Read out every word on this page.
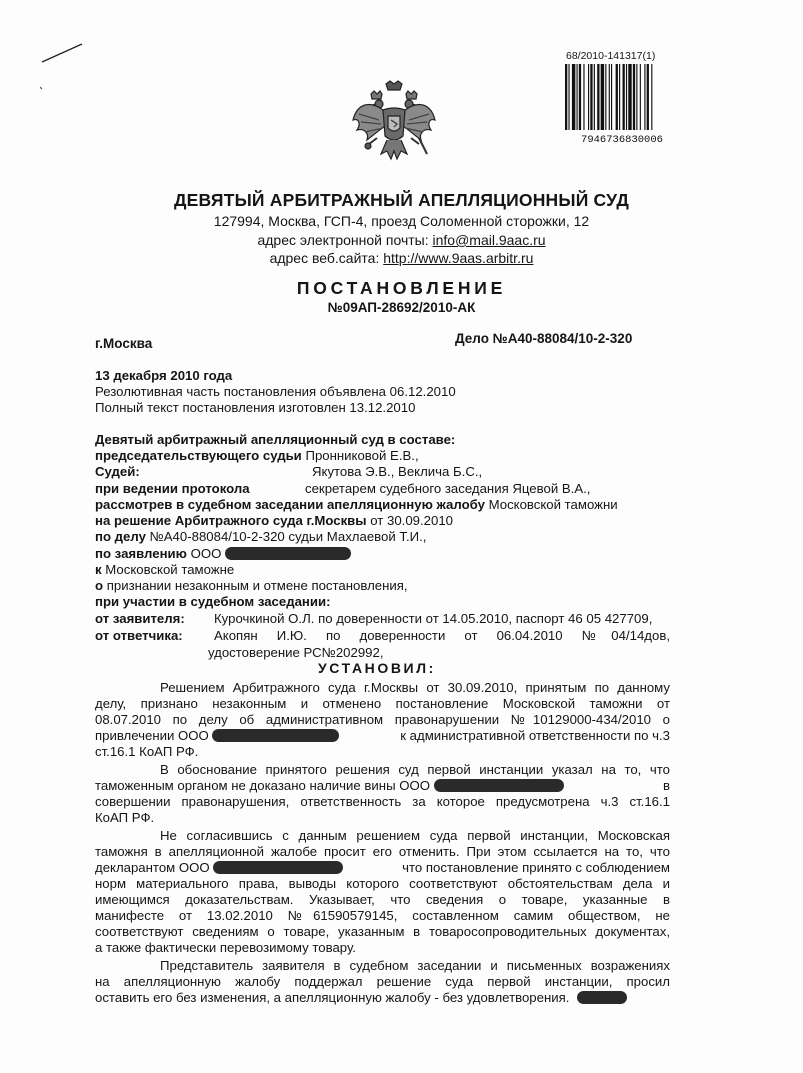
68/2010-141317(1)
7946736830006
ДЕВЯТЫЙ АРБИТРАЖНЫЙ АПЕЛЛЯЦИОННЫЙ СУД
127994, Москва, ГСП-4, проезд Соломенной сторожки, 12
адрес электронной почты: info@mail.9aac.ru
адрес веб.сайта: http://www.9aas.arbitr.ru
ПОСТАНОВЛЕНИЕ
№09АП-28692/2010-АК
г.Москва	Дело №А40-88084/10-2-320
13 декабря 2010 года
Резолютивная часть постановления объявлена 06.12.2010
Полный текст постановления изготовлен 13.12.2010
Девятый арбитражный апелляционный суд в составе:
председательствующего судьи Пронниковой Е.В.,
Судей:	Якутова Э.В., Веклича Б.С.,
при ведении протокола	секретарем судебного заседания Яцевой В.А.,
рассмотрев в судебном заседании апелляционную жалобу Московской таможни
на решение Арбитражного суда г.Москвы от 30.09.2010
по делу №А40-88084/10-2-320 судьи Махлаевой Т.И.,
по заявлению ООО
к Московской таможне
о признании незаконным и отмене постановления,
при участии в судебном заседании:
от заявителя: Курочкиной О.Л. по доверенности от 14.05.2010, паспорт 46 05 427709,
от ответчика: Акопян И.Ю. по доверенности от 06.04.2010 №04/14дов,
удостоверение РС№202992,
УСТАНОВИЛ:
Решением Арбитражного суда г.Москвы от 30.09.2010, принятым по данному
делу, признано незаконным и отменено постановление Московской таможни от
08.07.2010 по делу об административном правонарушении №10129000-434/2010 о
привлечении ООО	к административной ответственности по ч.3
ст.16.1 КоАП РФ.
В обоснование принятого решения суд первой инстанции указал на то, что
таможенным органом не доказано наличие вины ООО	в
совершении правонарушения, ответственность за которое предусмотрена ч.3 ст.16.1
КоАП РФ.
Не согласившись с данным решением суда первой инстанции, Московская
таможня в апелляционной жалобе просит его отменить. При этом ссылается на то, что
декларантом ООО	что постановление принято с соблюдением
норм материального права, выводы которого соответствуют обстоятельствам дела и
имеющимся доказательствам. Указывает, что сведения о товаре, указанные в
манифесте от 13.02.2010 №61590579145, составленном самим обществом, не
соответствуют сведениям о товаре, указанным в товаросопроводительных документах,
а также фактически перевозимому товару.
Представитель заявителя в судебном заседании и письменных возражениях
на апелляционную жалобу поддержал решение суда первой инстанции, просил
оставить его без изменения, а апелляционную жалобу - без удовлетворения.
